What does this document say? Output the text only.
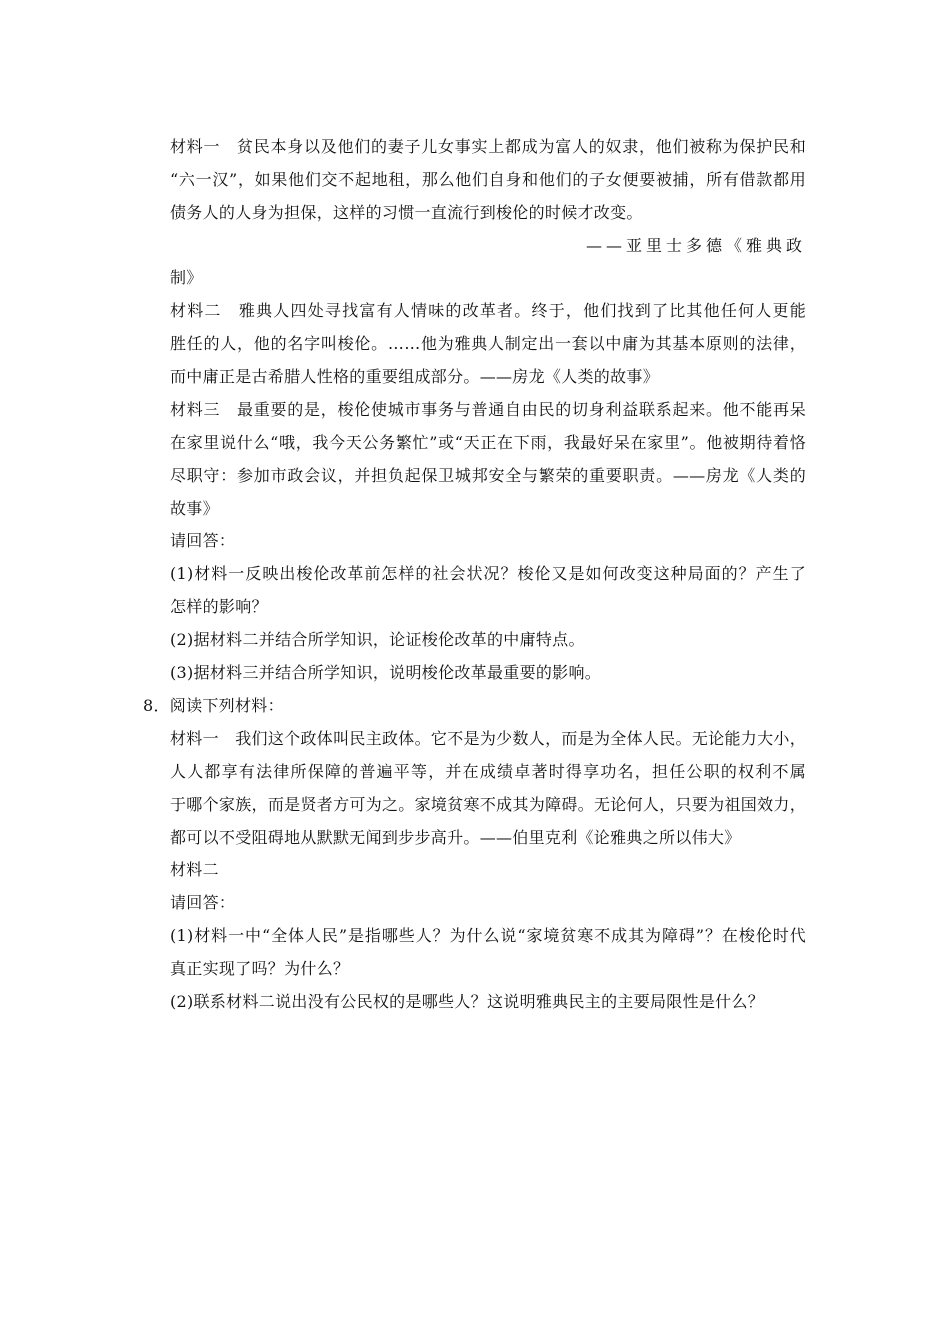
材料一　贫民本身以及他们的妻子儿女事实上都成为富人的奴隶，他们被称为保护民和
“六一汉”，如果他们交不起地租，那么他们自身和他们的子女便要被捕，所有借款都用
债务人的人身为担保，这样的习惯一直流行到梭伦的时候才改变。
——亚里士多德《雅典政
制》
材料二　雅典人四处寻找富有人情味的改革者。终于，他们找到了比其他任何人更能
胜任的人，他的名字叫梭伦。……他为雅典人制定出一套以中庸为其基本原则的法律，
而中庸正是古希腊人性格的重要组成部分。——房龙《人类的故事》
材料三　最重要的是，梭伦使城市事务与普通自由民的切身利益联系起来。他不能再呆
在家里说什么“哦，我今天公务繁忙”或“天正在下雨，我最好呆在家里”。他被期待着恪
尽职守：参加市政会议，并担负起保卫城邦安全与繁荣的重要职责。——房龙《人类的
故事》
请回答：
(1)材料一反映出梭伦改革前怎样的社会状况？梭伦又是如何改变这种局面的？产生了
怎样的影响？
(2)据材料二并结合所学知识，论证梭伦改革的中庸特点。
(3)据材料三并结合所学知识，说明梭伦改革最重要的影响。
8．阅读下列材料：
材料一　我们这个政体叫民主政体。它不是为少数人，而是为全体人民。无论能力大小，
人人都享有法律所保障的普遍平等，并在成绩卓著时得享功名，担任公职的权利不属
于哪个家族，而是贤者方可为之。家境贫寒不成其为障碍。无论何人，只要为祖国效力，
都可以不受阻碍地从默默无闻到步步高升。——伯里克利《论雅典之所以伟大》
材料二
请回答：
(1)材料一中“全体人民”是指哪些人？为什么说“家境贫寒不成其为障碍”？在梭伦时代
真正实现了吗？为什么？
(2)联系材料二说出没有公民权的是哪些人？这说明雅典民主的主要局限性是什么？
